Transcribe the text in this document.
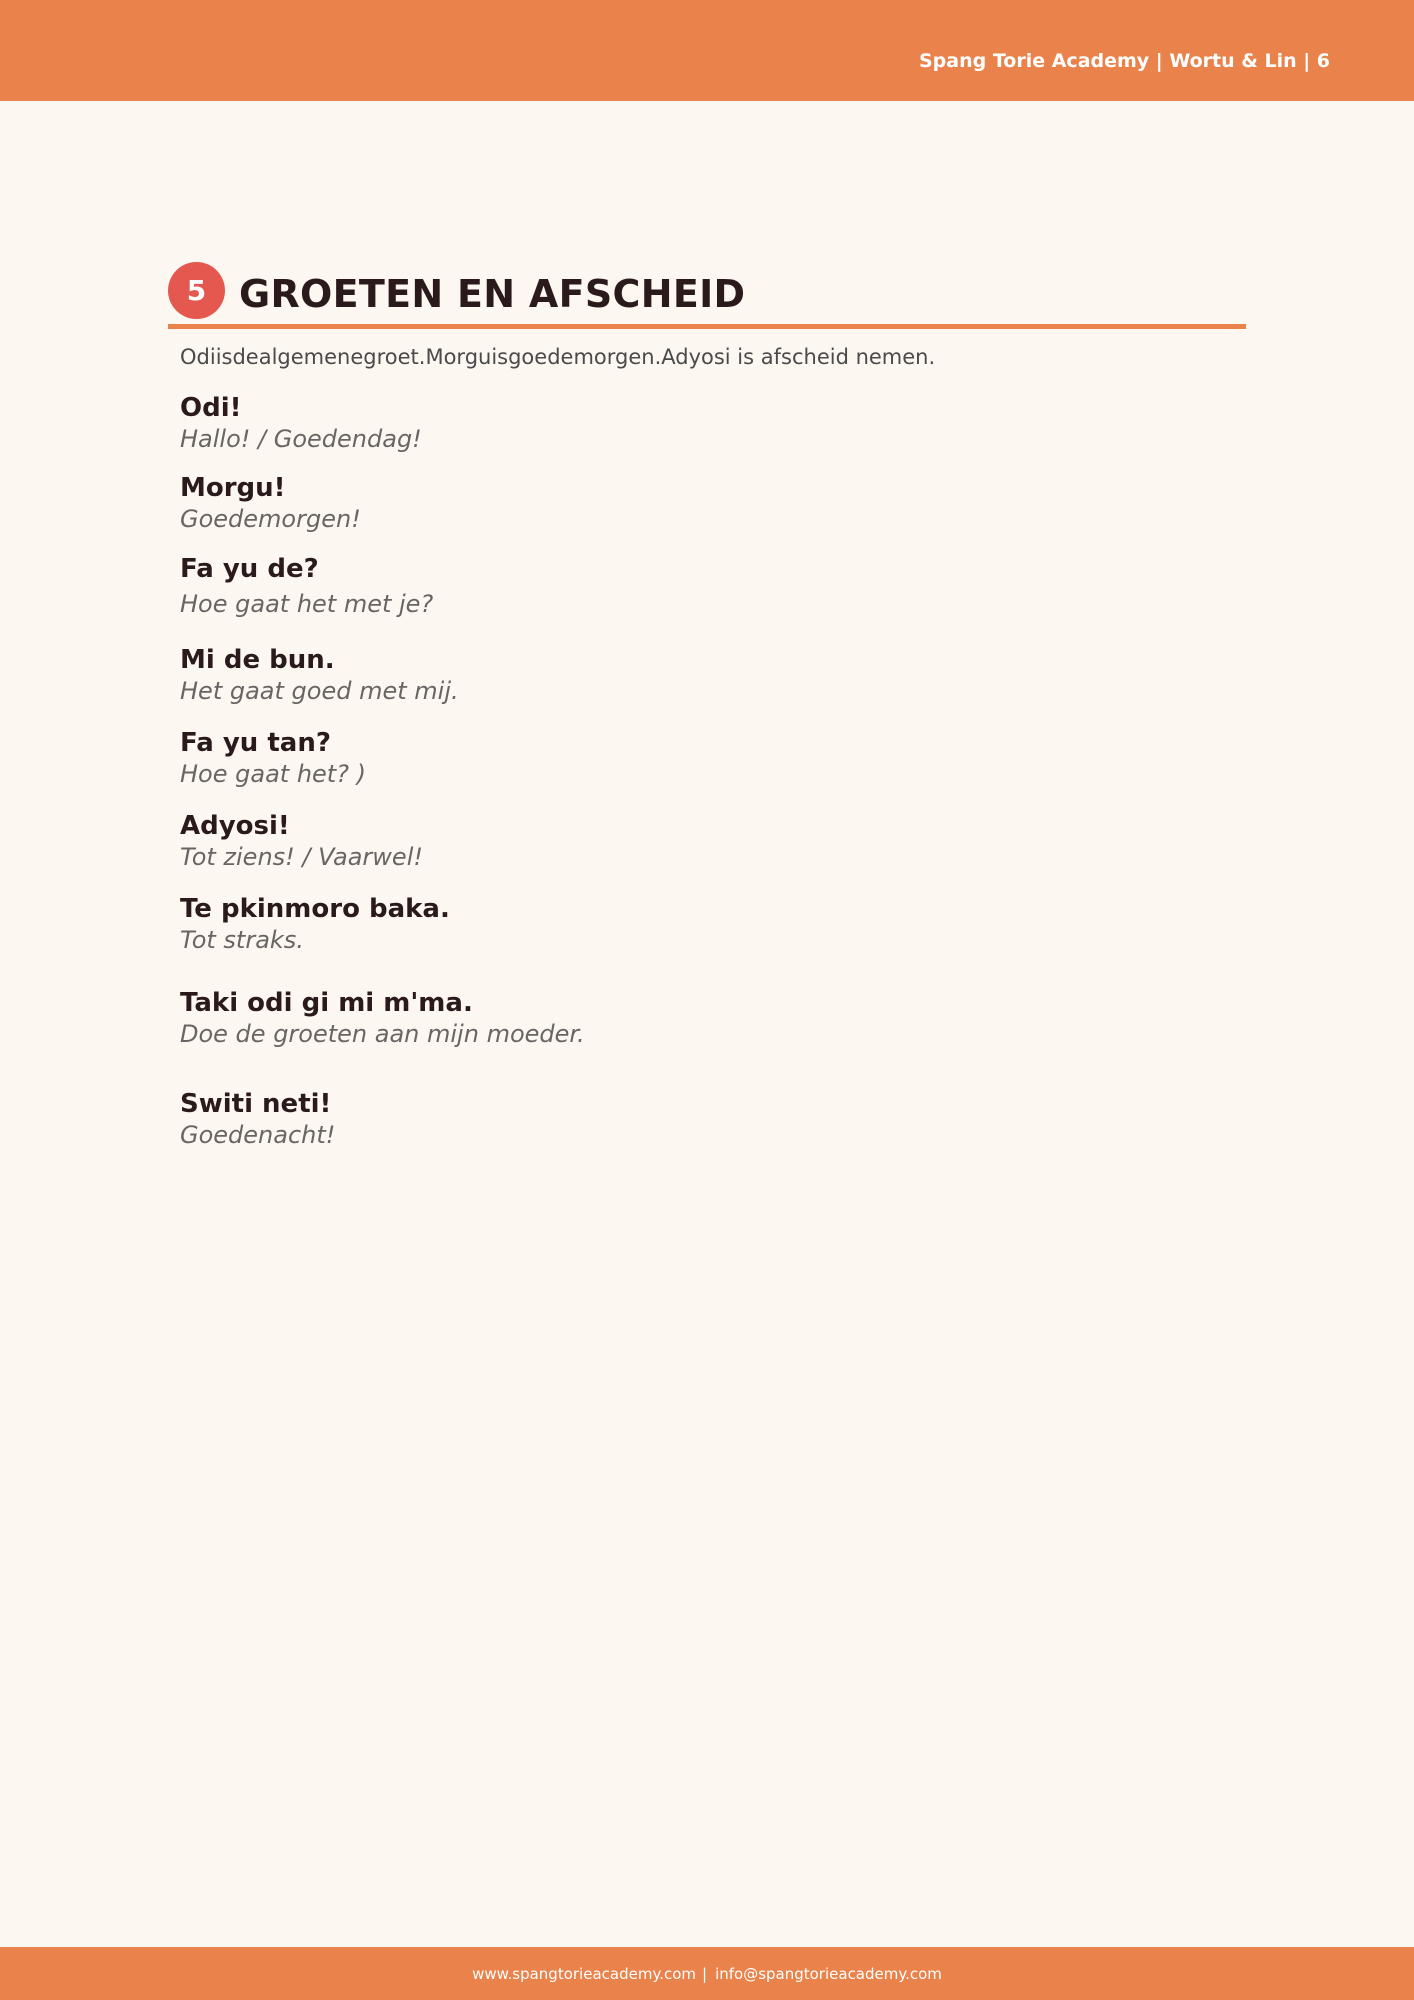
Spang Torie Academy | Wortu & Lin | 6
5 GROETEN EN AFSCHEID
Odiisdealgemenegroet.Morguisgoedemorgen.Adyosi is afscheid nemen.
Odi!
Hallo! / Goedendag!
Morgu!
Goedemorgen!
Fa yu de?
Hoe gaat het met je?
Mi de bun.
Het gaat goed met mij.
Fa yu tan?
Hoe gaat het? )
Adyosi!
Tot ziens! / Vaarwel!
Te pkinmoro baka.
Tot straks.
Taki odi gi mi m'ma.
Doe de groeten aan mijn moeder.
Switi neti!
Goedenacht!
www.spangtorieacademy.com | info@spangtorieacademy.com
